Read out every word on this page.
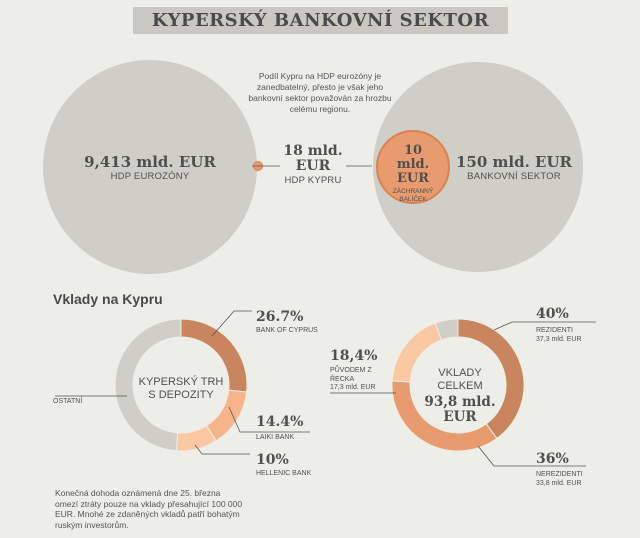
KYPERSKÝ BANKOVNÍ SEKTOR
Podíl Kypru na HDP eurozóny je zanedbatelný, přesto je však jeho bankovní sektor považován za hrozbu celému regionu.
9,413 mld. EUR
HDP EUROZÓNY
18 mld. EUR
HDP KYPRU
10 mld. EUR
ZÁCHRANNÝ BALÍČEK
150 mld. EUR
BANKOVNÍ SEKTOR
Vklady na Kypru
KYPERSKÝ TRH S DEPOZITY
26.7%
BANK OF CYPRUS
14.4%
LAIKI BANK
10%
HELLENIC BANK
OSTATNÍ
VKLADY CELKEM
93,8 mld. EUR
40%
REZIDENTI
37,3 mld. EUR
36%
NEREZIDENTI
33,8 mld. EUR
18,4%
PŮVODEM Z ŘECKA
17,3 mld. EUR
Konečná dohoda oznámená dne 25. března omezí ztráty pouze na vklady přesahující 100 000 EUR. Mnohé ze zdaněných vkladů patří bohatým ruským investorům.
